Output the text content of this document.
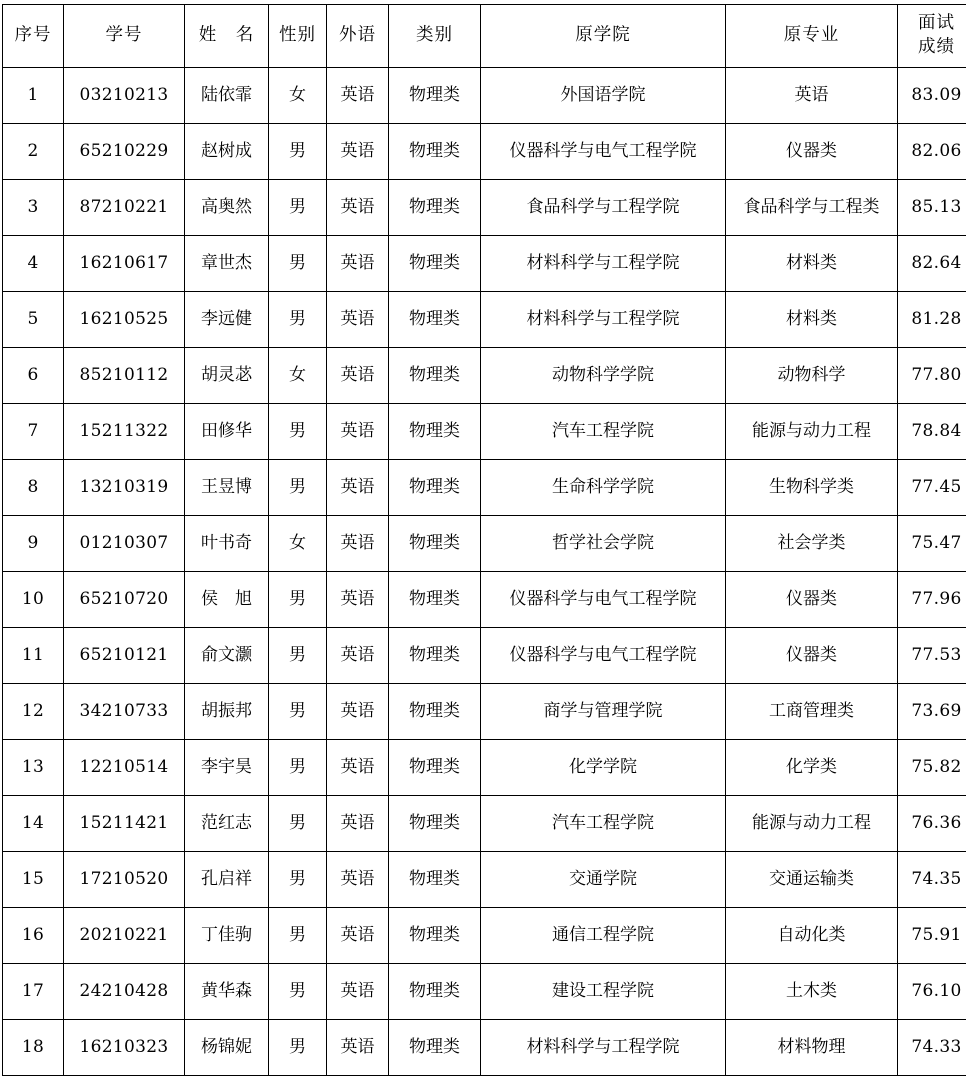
序号	学号	姓　名	性别	外语	类别	原学院	原专业	面试
成绩

1	03210213	陆依霏	女	英语	物理类	外国语学院	英语	83.09
2	65210229	赵树成	男	英语	物理类	仪器科学与电气工程学院	仪器类	82.06
3	87210221	高奥然	男	英语	物理类	食品科学与工程学院	食品科学与工程类	85.13
4	16210617	章世杰	男	英语	物理类	材料科学与工程学院	材料类	82.64
5	16210525	李远健	男	英语	物理类	材料科学与工程学院	材料类	81.28
6	85210112	胡灵苾	女	英语	物理类	动物科学学院	动物科学	77.80
7	15211322	田修华	男	英语	物理类	汽车工程学院	能源与动力工程	78.84
8	13210319	王昱博	男	英语	物理类	生命科学学院	生物科学类	77.45
9	01210307	叶书奇	女	英语	物理类	哲学社会学院	社会学类	75.47
10	65210720	侯　旭	男	英语	物理类	仪器科学与电气工程学院	仪器类	77.96
11	65210121	俞文灏	男	英语	物理类	仪器科学与电气工程学院	仪器类	77.53
12	34210733	胡振邦	男	英语	物理类	商学与管理学院	工商管理类	73.69
13	12210514	李宇昊	男	英语	物理类	化学学院	化学类	75.82
14	15211421	范红志	男	英语	物理类	汽车工程学院	能源与动力工程	76.36
15	17210520	孔启祥	男	英语	物理类	交通学院	交通运输类	74.35
16	20210221	丁佳驹	男	英语	物理类	通信工程学院	自动化类	75.91
17	24210428	黄华森	男	英语	物理类	建设工程学院	土木类	76.10
18	16210323	杨锦妮	男	英语	物理类	材料科学与工程学院	材料物理	74.33
